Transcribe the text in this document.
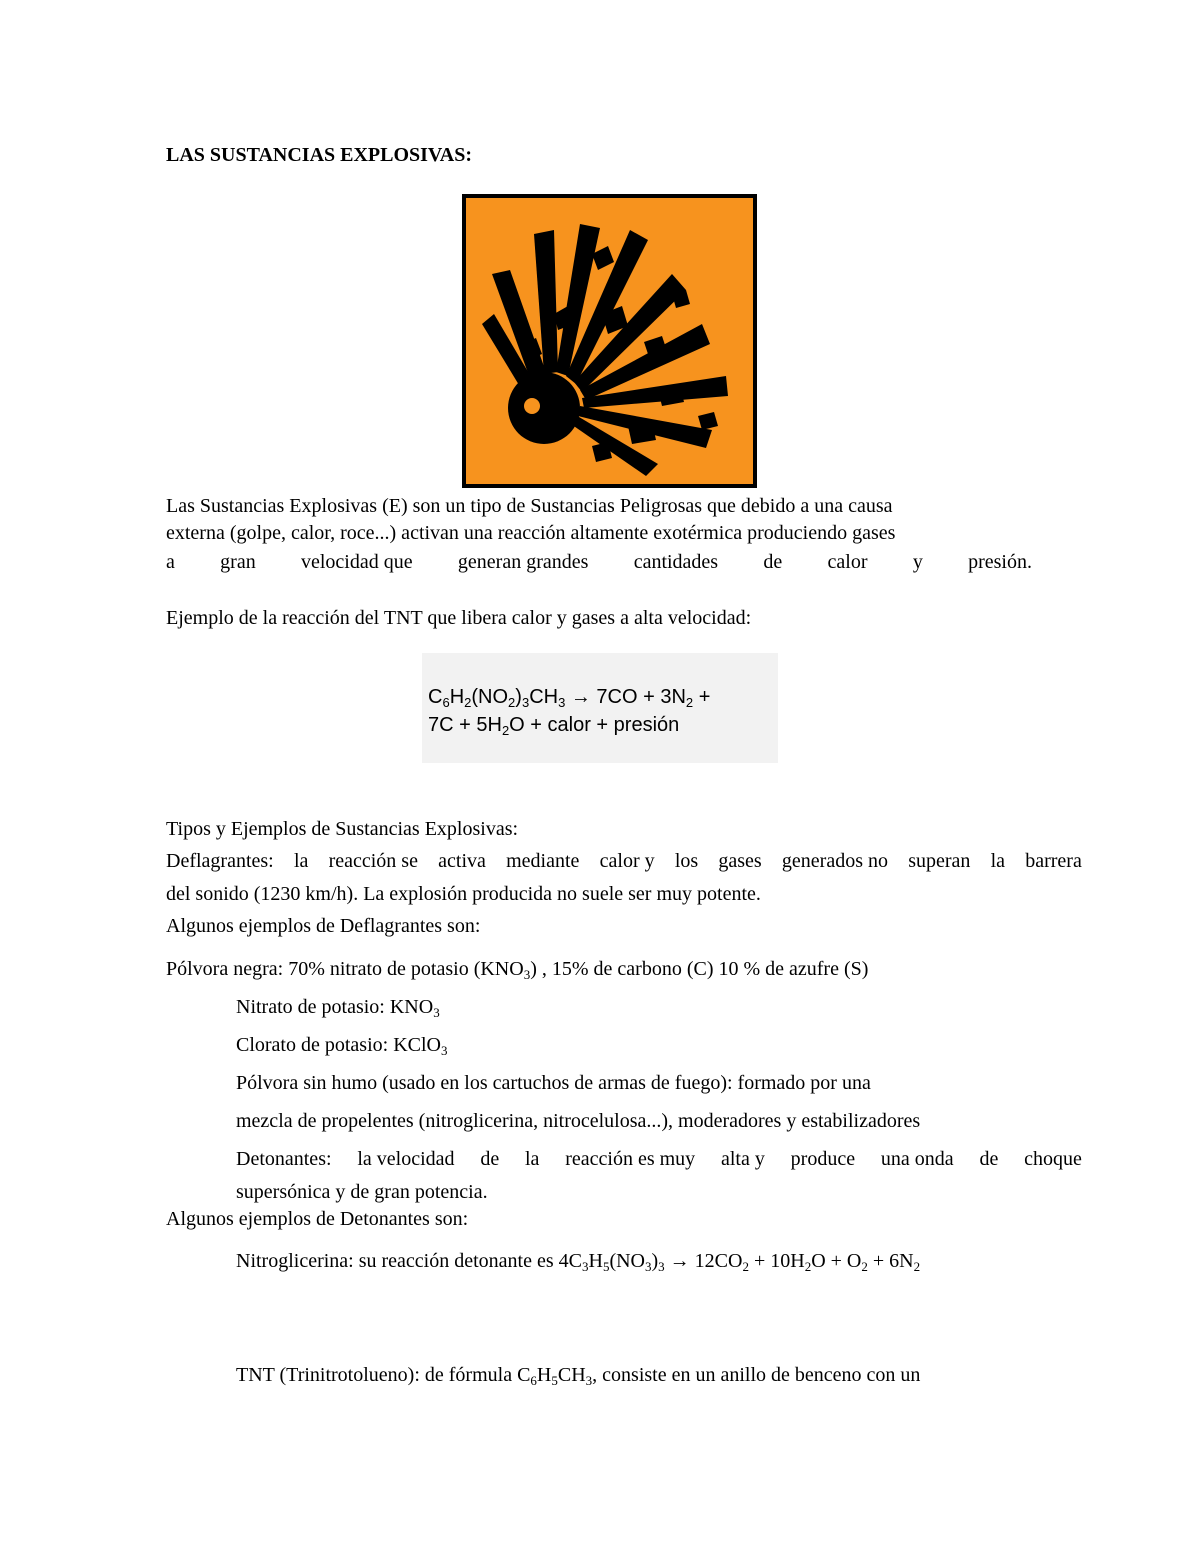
LAS SUSTANCIAS EXPLOSIVAS:
Las Sustancias Explosivas (E) son un tipo de Sustancias Peligrosas que debido a una causa
externa (golpe, calor, roce...) activan una reacción altamente exotérmica produciendo gases
a gran velocidad que generan grandes cantidades de calor y presión.
Ejemplo de la reacción del TNT que libera calor y gases a alta velocidad:
$C_6H_2(NO_2)_3CH_3 \to 7CO + 3N_2$ +
$7C + 5H_2O$ + calor + presión
Tipos y Ejemplos de Sustancias Explosivas:
Deflagrantes: la reacción se activa mediante calor y los gases generados no superan la barrera
del sonido (1230 km/h). La explosión producida no suele ser muy potente.
Algunos ejemplos de Deflagrantes son:
Pólvora negra: 70% nitrato de potasio $(KNO_3)$ , 15% de carbono (C) 10 % de azufre (S)
Nitrato de potasio: $KNO_3$
Clorato de potasio: KClO$_3$
Pólvora sin humo (usado en los cartuchos de armas de fuego): formado por una
mezcla de propelentes (nitroglicerina, nitrocelulosa...), moderadores y estabilizadores
Detonantes: la velocidad de la reacción es muy alta y produce una onda de choque
supersónica y de gran potencia.
Algunos ejemplos de Detonantes son:
Nitroglicerina: su reacción detonante es $4C_3H_5(NO_3)_3 \to 12CO_2 + 10H_2O + O_2 + 6N_2$
TNT (Trinitrotolueno): de fórmula $C_6H_5CH_3$, consiste en un anillo de benceno con un
